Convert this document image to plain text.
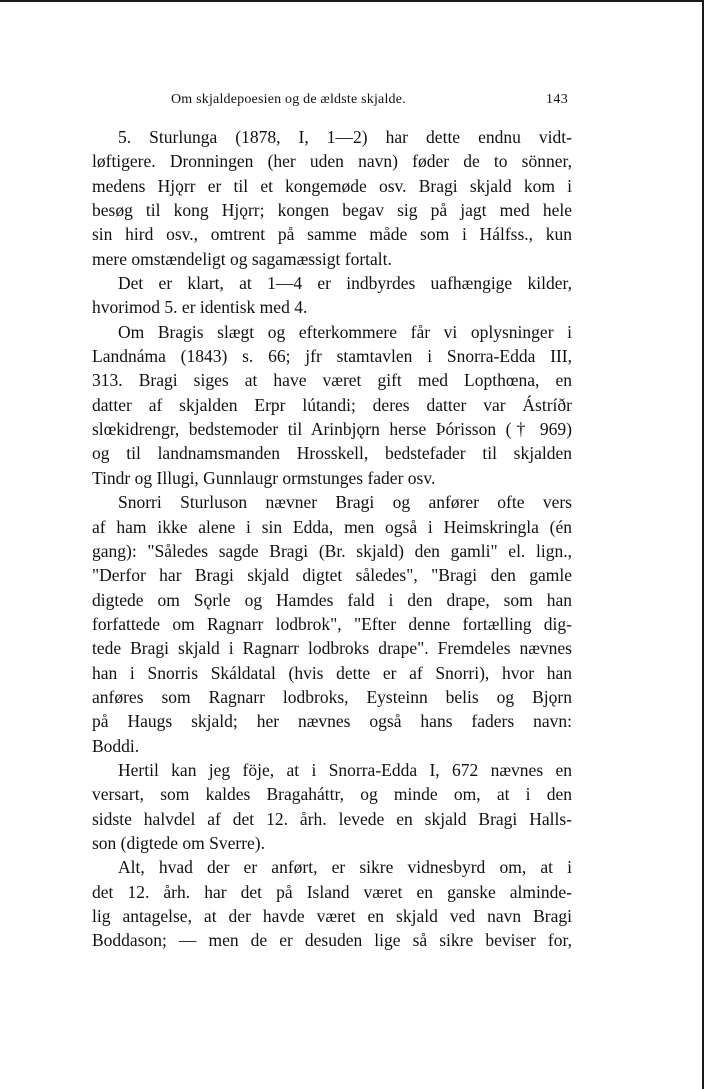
Om skjaldepoesien og de ældste skjalde.	143
5. Sturlunga (1878, I, 1—2) har dette endnu vidt-
løftigere. Dronningen (her uden navn) føder de to sönner,
medens Hjǫrr er til et kongemøde osv. Bragi skjald kom i
besøg til kong Hjǫrr; kongen begav sig på jagt med hele
sin hird osv., omtrent på samme måde som i Hálfss., kun
mere omstændeligt og sagamæssigt fortalt.
Det er klart, at 1—4 er indbyrdes uafhængige kilder,
hvorimod 5. er identisk med 4.
Om Bragis slægt og efterkommere får vi oplysninger i
Landnáma (1843) s. 66; jfr stamtavlen i Snorra-Edda III,
313. Bragi siges at have været gift med Lopthœna, en
datter af skjalden Erpr lútandi; deres datter var Ástríðr
slœkidrengr, bedstemoder til Arinbjǫrn herse Þórisson († 969)
og til landnamsmanden Hrosskell, bedstefader til skjalden
Tindr og Illugi, Gunnlaugr ormstunges fader osv.
Snorri Sturluson nævner Bragi og anfører ofte vers
af ham ikke alene i sin Edda, men også i Heimskringla (én
gang): "Således sagde Bragi (Br. skjald) den gamli" el. lign.,
"Derfor har Bragi skjald digtet således", "Bragi den gamle
digtede om Sǫrle og Hamdes fald i den drape, som han
forfattede om Ragnarr lodbrok", "Efter denne fortælling dig-
tede Bragi skjald i Ragnarr lodbroks drape". Fremdeles nævnes
han i Snorris Skáldatal (hvis dette er af Snorri), hvor han
anføres som Ragnarr lodbroks, Eysteinn belis og Bjǫrn
på Haugs skjald; her nævnes også hans faders navn:
Boddi.
Hertil kan jeg föje, at i Snorra-Edda I, 672 nævnes en
versart, som kaldes Bragaháttr, og minde om, at i den
sidste halvdel af det 12. årh. levede en skjald Bragi Halls-
son (digtede om Sverre).
Alt, hvad der er anført, er sikre vidnesbyrd om, at i
det 12. årh. har det på Island været en ganske alminde-
lig antagelse, at der havde været en skjald ved navn Bragi
Boddason; — men de er desuden lige så sikre beviser for,
